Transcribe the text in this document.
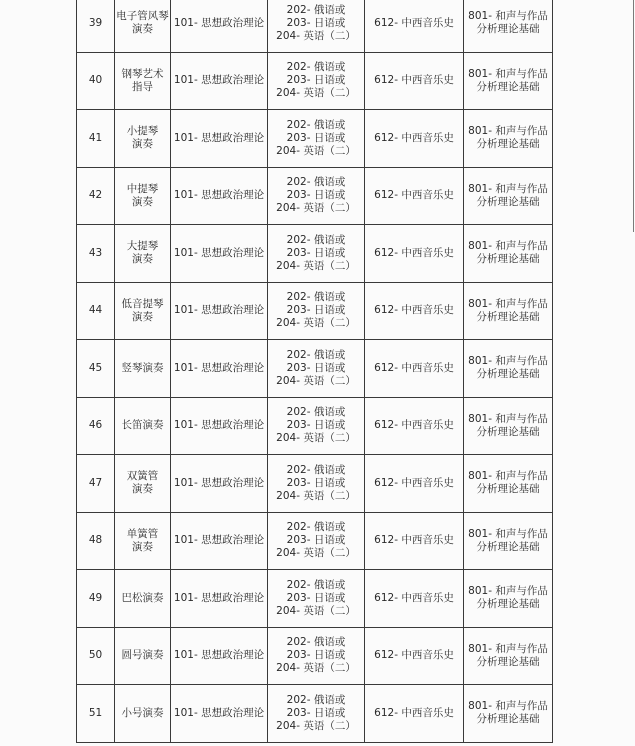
39	电子管风琴
演奏	101- 思想政治理论	202- 俄语或
203- 日语或
204- 英语（二）	612- 中西音乐史	801- 和声与作品
分析理论基础

40	钢琴艺术
指导	101- 思想政治理论	202- 俄语或
203- 日语或
204- 英语（二）	612- 中西音乐史	801- 和声与作品
分析理论基础

41	小提琴
演奏	101- 思想政治理论	202- 俄语或
203- 日语或
204- 英语（二）	612- 中西音乐史	801- 和声与作品
分析理论基础

42	中提琴
演奏	101- 思想政治理论	202- 俄语或
203- 日语或
204- 英语（二）	612- 中西音乐史	801- 和声与作品
分析理论基础

43	大提琴
演奏	101- 思想政治理论	202- 俄语或
203- 日语或
204- 英语（二）	612- 中西音乐史	801- 和声与作品
分析理论基础

44	低音提琴
演奏	101- 思想政治理论	202- 俄语或
203- 日语或
204- 英语（二）	612- 中西音乐史	801- 和声与作品
分析理论基础

45	竖琴演奏	101- 思想政治理论	202- 俄语或
203- 日语或
204- 英语（二）	612- 中西音乐史	801- 和声与作品
分析理论基础

46	长笛演奏	101- 思想政治理论	202- 俄语或
203- 日语或
204- 英语（二）	612- 中西音乐史	801- 和声与作品
分析理论基础

47	双簧管
演奏	101- 思想政治理论	202- 俄语或
203- 日语或
204- 英语（二）	612- 中西音乐史	801- 和声与作品
分析理论基础

48	单簧管
演奏	101- 思想政治理论	202- 俄语或
203- 日语或
204- 英语（二）	612- 中西音乐史	801- 和声与作品
分析理论基础

49	巴松演奏	101- 思想政治理论	202- 俄语或
203- 日语或
204- 英语（二）	612- 中西音乐史	801- 和声与作品
分析理论基础

50	圆号演奏	101- 思想政治理论	202- 俄语或
203- 日语或
204- 英语（二）	612- 中西音乐史	801- 和声与作品
分析理论基础

51	小号演奏	101- 思想政治理论	202- 俄语或
203- 日语或
204- 英语（二）	612- 中西音乐史	801- 和声与作品
分析理论基础
